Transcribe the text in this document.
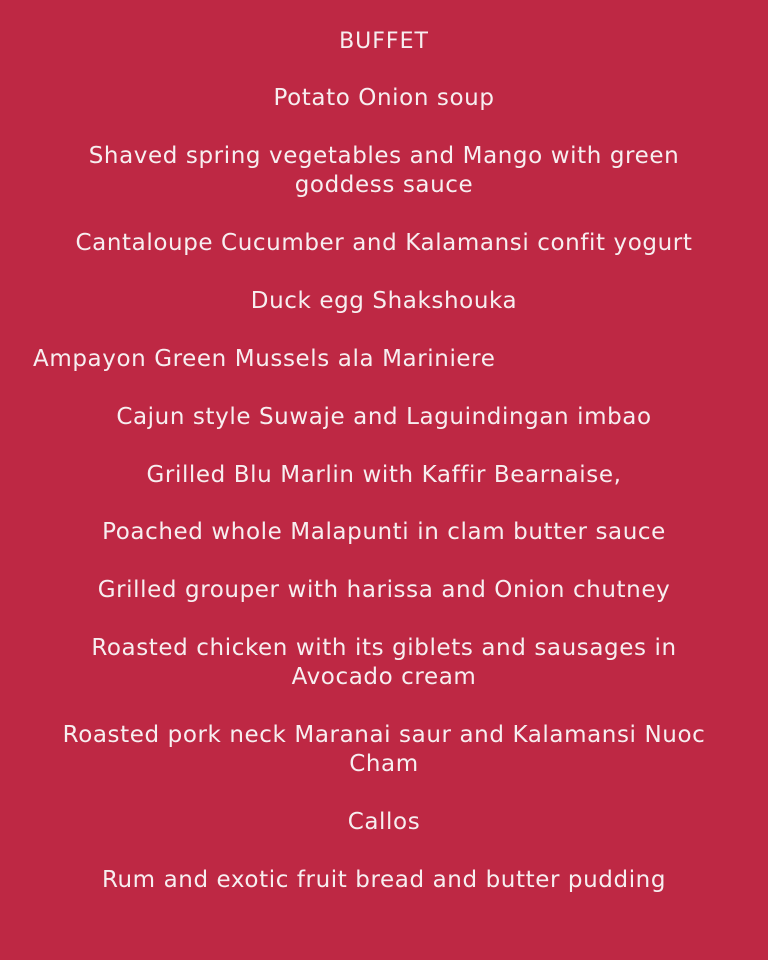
BUFFET
Potato Onion soup
Shaved spring vegetables and Mango with green
goddess sauce
Cantaloupe Cucumber and Kalamansi confit yogurt
Duck egg Shakshouka
Ampayon Green Mussels ala Mariniere
Cajun style Suwaje and Laguindingan imbao
Grilled Blu Marlin with Kaffir Bearnaise,
Poached whole Malapunti in clam butter sauce
Grilled grouper with harissa and Onion chutney
Roasted chicken with its giblets and sausages in
Avocado cream
Roasted pork neck Maranai saur and Kalamansi Nuoc
Cham
Callos
Rum and exotic fruit bread and butter pudding
